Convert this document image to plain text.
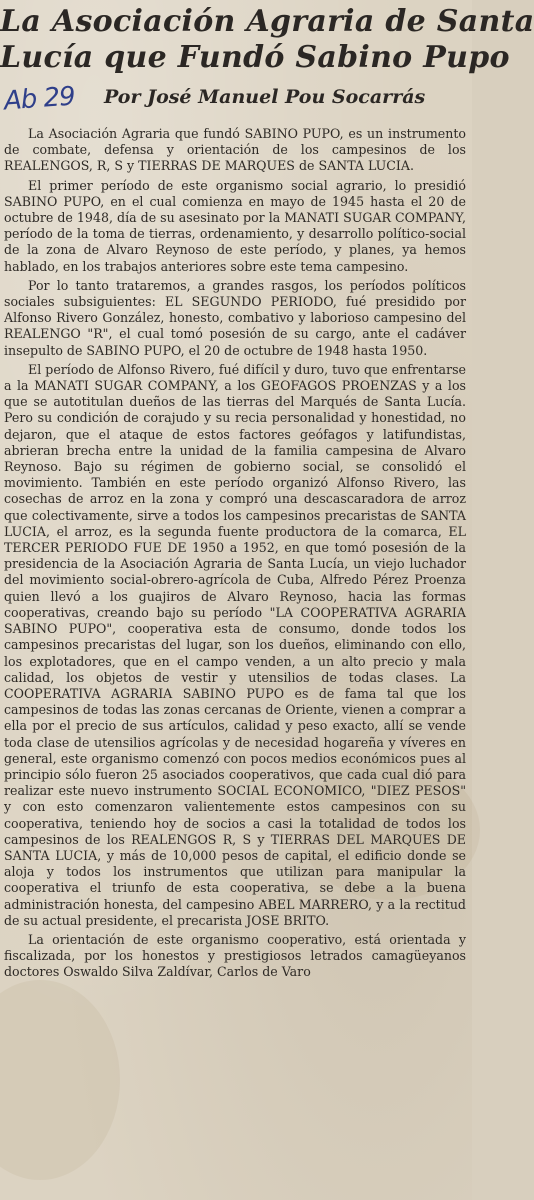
La Asociación Agraria de Santa
Lucía que Fundó Sabino Pupo
Ab 29 Por José Manuel Pou Socarrás

La Asociación Agraria que fundó SABINO PUPO, es un instrumento de combate, defensa y orientación de los campesinos de los REALENGOS, R, S y TIERRAS DE MARQUES de SANTA LUCIA.

El primer período de este organismo social agrario, lo presidió SABINO PUPO, en el cual comienza en mayo de 1945 hasta el 20 de octubre de 1948, día de su asesinato por la MANATI SUGAR COMPANY, período de la toma de tierras, ordenamiento, y desarrollo político-social de la zona de Alvaro Reynoso de este período, y planes, ya hemos hablado, en los trabajos anteriores sobre este tema campesino.

Por lo tanto trataremos, a grandes rasgos, los períodos políticos sociales subsiguientes: EL SEGUNDO PERIODO, fué presidido por Alfonso Rivero González, honesto, combativo y laborioso campesino del REALENGO "R", el cual tomó posesión de su cargo, ante el cadáver insepulto de SABINO PUPO, el 20 de octubre de 1948 hasta 1950.

El período de Alfonso Rivero, fué difícil y duro, tuvo que enfrentarse a la MANATI SUGAR COMPANY, a los GEOFAGOS PROENZAS y a los que se autotitulan dueños de las tierras del Marqués de Santa Lucía. Pero su condición de corajudo y su recia personalidad y honestidad, no dejaron, que el ataque de estos factores geófagos y latifundistas, abrieran brecha entre la unidad de la familia campesina de Alvaro Reynoso. Bajo su régimen de gobierno social, se consolidó el movimiento. También en este período organizó Alfonso Rivero, las cosechas de arroz en la zona y compró una descascaradora de arroz que colectivamente, sirve a todos los campesinos precaristas de SANTA LUCIA, el arroz, es la segunda fuente productora de la comarca, EL TERCER PERIODO FUE DE 1950 a 1952, en que tomó posesión de la presidencia de la Asociación Agraria de Santa Lucía, un viejo luchador del movimiento social-obrero-agrícola de Cuba, Alfredo Pérez Proenza quien llevó a los guajiros de Alvaro Reynoso, hacia las formas cooperativas, creando bajo su período "LA COOPERATIVA AGRARIA SABINO PUPO", cooperativa esta de consumo, donde todos los campesinos precaristas del lugar, son los dueños, eliminando con ello, los explotadores, que en el campo venden, a un alto precio y mala calidad, los objetos de vestir y utensilios de todas clases. La COOPERATIVA AGRARIA SABINO PUPO es de fama tal que los campesinos de todas las zonas cercanas de Oriente, vienen a comprar a ella por el precio de sus artículos, calidad y peso exacto, allí se vende toda clase de utensilios agrícolas y de necesidad hogareña y víveres en general, este organismo comenzó con pocos medios económicos pues al principio sólo fueron 25 asociados cooperativos, que cada cual dió para realizar este nuevo instrumento SOCIAL ECONOMICO, "DIEZ PESOS" y con esto comenzaron valientemente estos campesinos con su cooperativa, teniendo hoy de socios a casi la totalidad de todos los campesinos de los REALENGOS R, S y TIERRAS DEL MARQUES DE SANTA LUCIA, y más de 10,000 pesos de capital, el edificio donde se aloja y todos los instrumentos que utilizan para manipular la cooperativa el triunfo de esta cooperativa, se debe a la buena administración honesta, del campesino ABEL MARRERO, y a la rectitud de su actual presidente, el precarista JOSE BRITO.

La orientación de este organismo cooperativo, está orientada y fiscalizada, por los honestos y prestigiosos letrados camagüeyanos doctores Oswaldo Silva Zaldívar, Carlos de Varo
